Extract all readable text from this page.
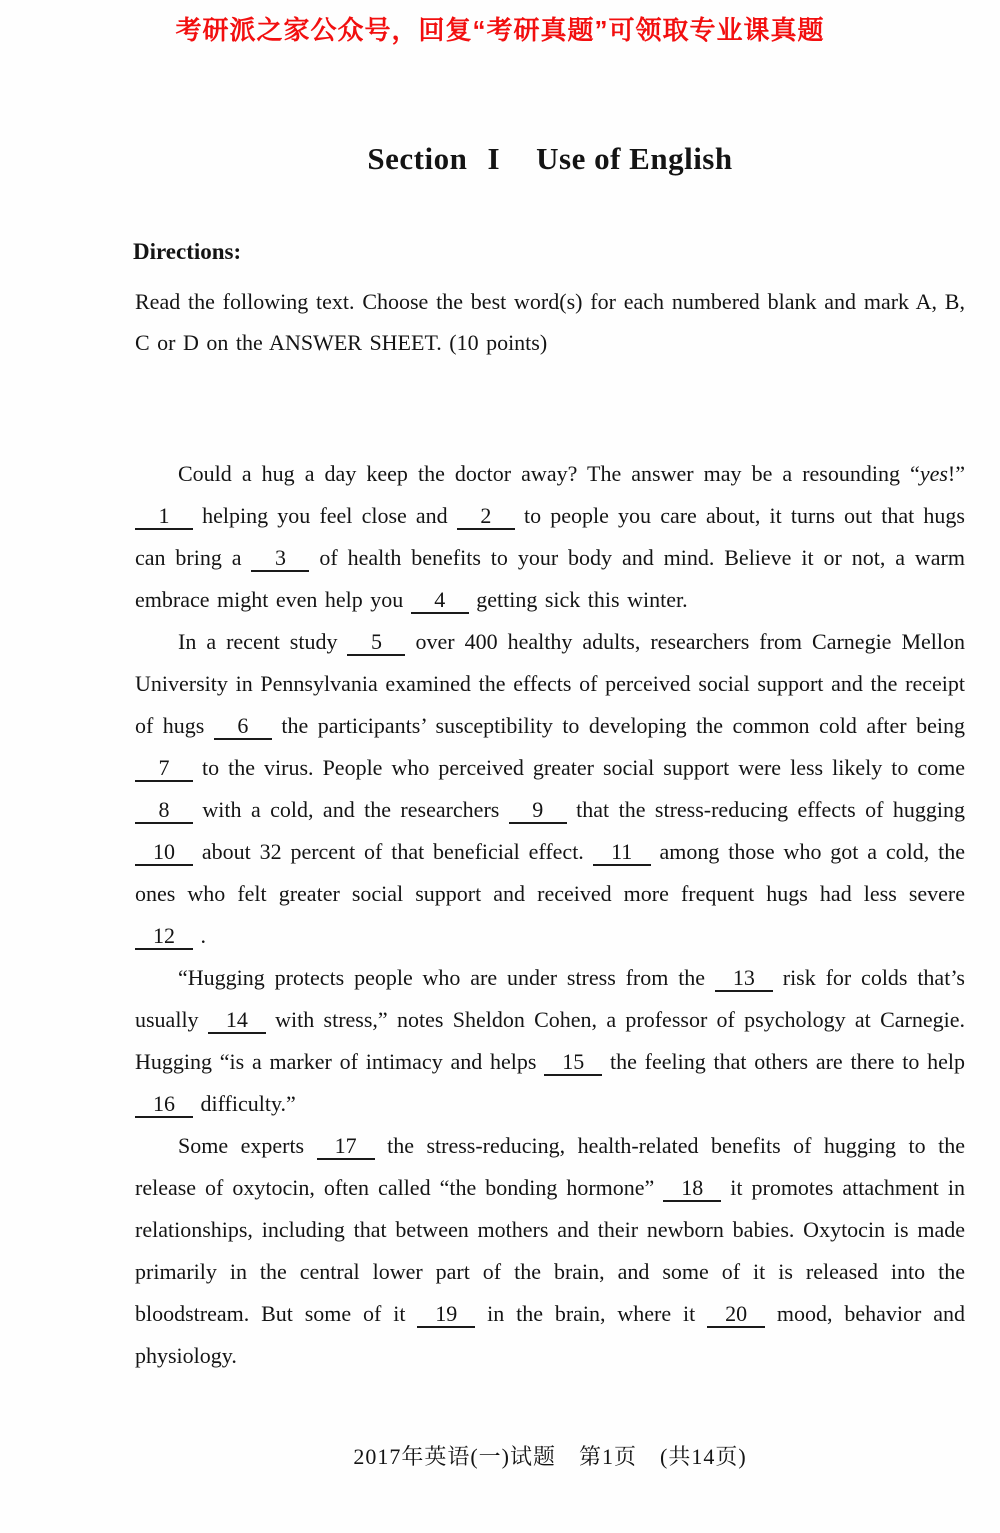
考研派之家公众号，回复“考研真题”可领取专业课真题
Section I Use of English
Directions:

Read the following text. Choose the best word(s) for each numbered blank and mark A, B, C or D on the ANSWER SHEET. (10 points)

Could a hug a day keep the doctor away? The answer may be a resounding “yes!” 1 helping you feel close and 2 to people you care about, it turns out that hugs can bring a 3 of health benefits to your body and mind. Believe it or not, a warm embrace might even help you 4 getting sick this winter.

In a recent study 5 over 400 healthy adults, researchers from Carnegie Mellon University in Pennsylvania examined the effects of perceived social support and the receipt of hugs 6 the participants’ susceptibility to developing the common cold after being 7 to the virus. People who perceived greater social support were less likely to come 8 with a cold, and the researchers 9 that the stress-reducing effects of hugging 10 about 32 percent of that beneficial effect. 11 among those who got a cold, the ones who felt greater social support and received more frequent hugs had less severe 12 .

“Hugging protects people who are under stress from the 13 risk for colds that’s usually 14 with stress,” notes Sheldon Cohen, a professor of psychology at Carnegie. Hugging “is a marker of intimacy and helps 15 the feeling that others are there to help 16 difficulty.”

Some experts 17 the stress-reducing, health-related benefits of hugging to the release of oxytocin, often called “the bonding hormone” 18 it promotes attachment in relationships, including that between mothers and their newborn babies. Oxytocin is made primarily in the central lower part of the brain, and some of it is released into the bloodstream. But some of it 19 in the brain, where it 20 mood, behavior and physiology.

2017年英语(一)试题　第1页　(共14页)
